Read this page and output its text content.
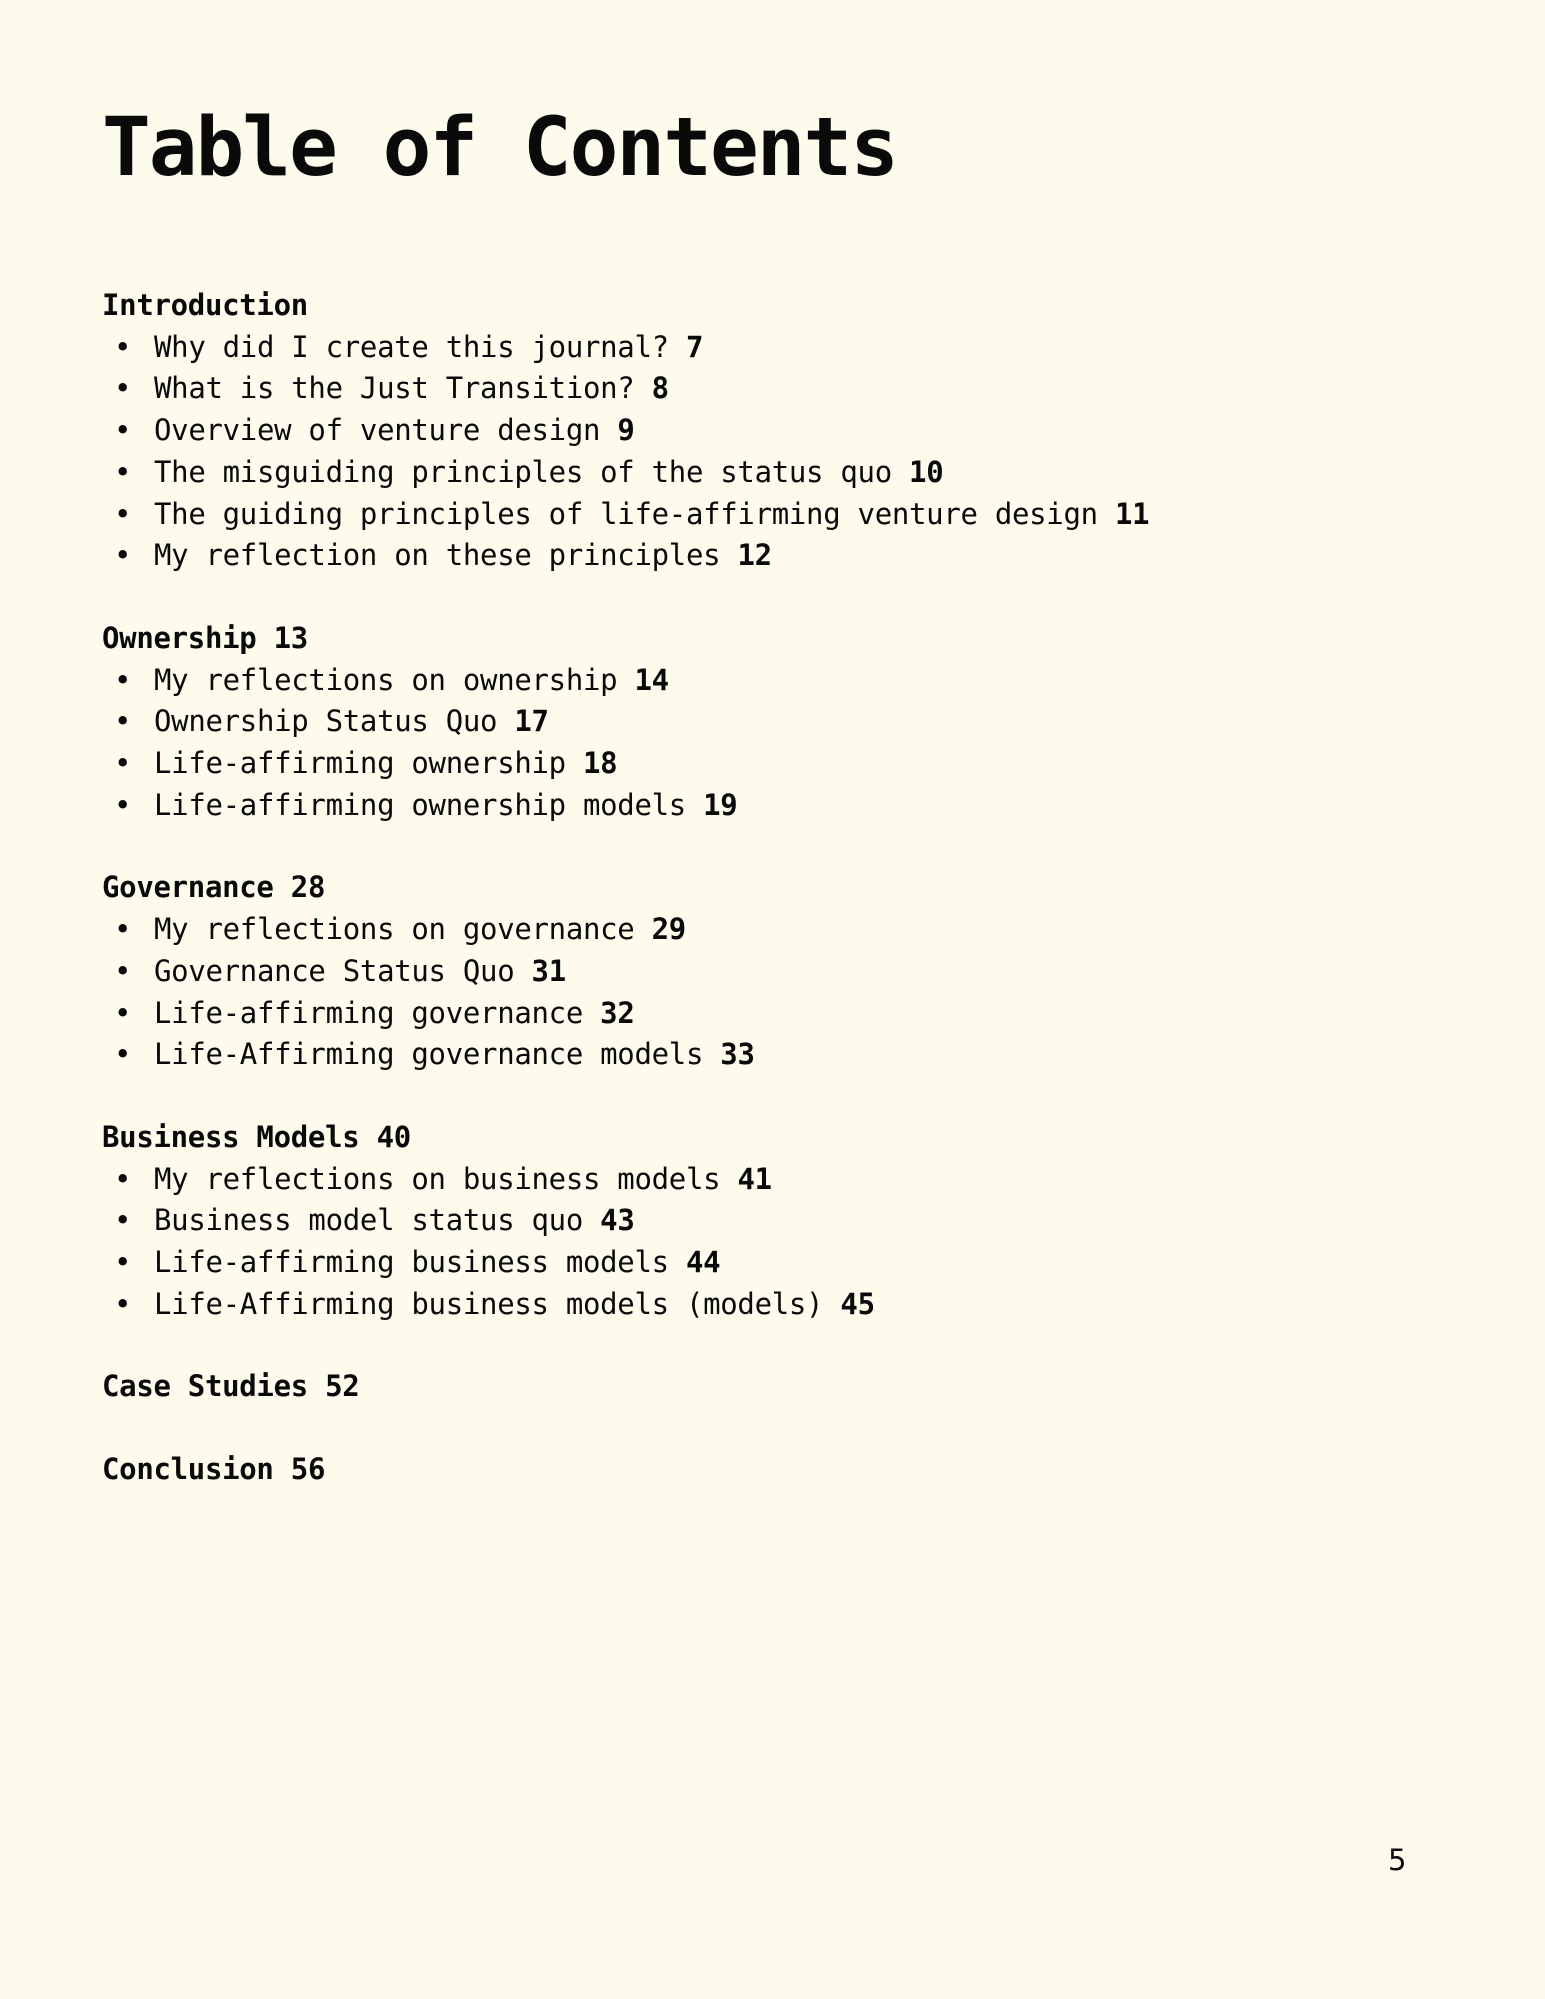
Table of Contents
Introduction
• Why did I create this journal? 7
• What is the Just Transition? 8
• Overview of venture design 9
• The misguiding principles of the status quo 10
• The guiding principles of life-affirming venture design 11
• My reflection on these principles 12
Ownership 13
• My reflections on ownership 14
• Ownership Status Quo 17
• Life-affirming ownership 18
• Life-affirming ownership models 19
Governance 28
• My reflections on governance 29
• Governance Status Quo 31
• Life-affirming governance 32
• Life-Affirming governance models 33
Business Models 40
• My reflections on business models 41
• Business model status quo 43
• Life-affirming business models 44
• Life-Affirming business models (models) 45
Case Studies 52
Conclusion 56
5
